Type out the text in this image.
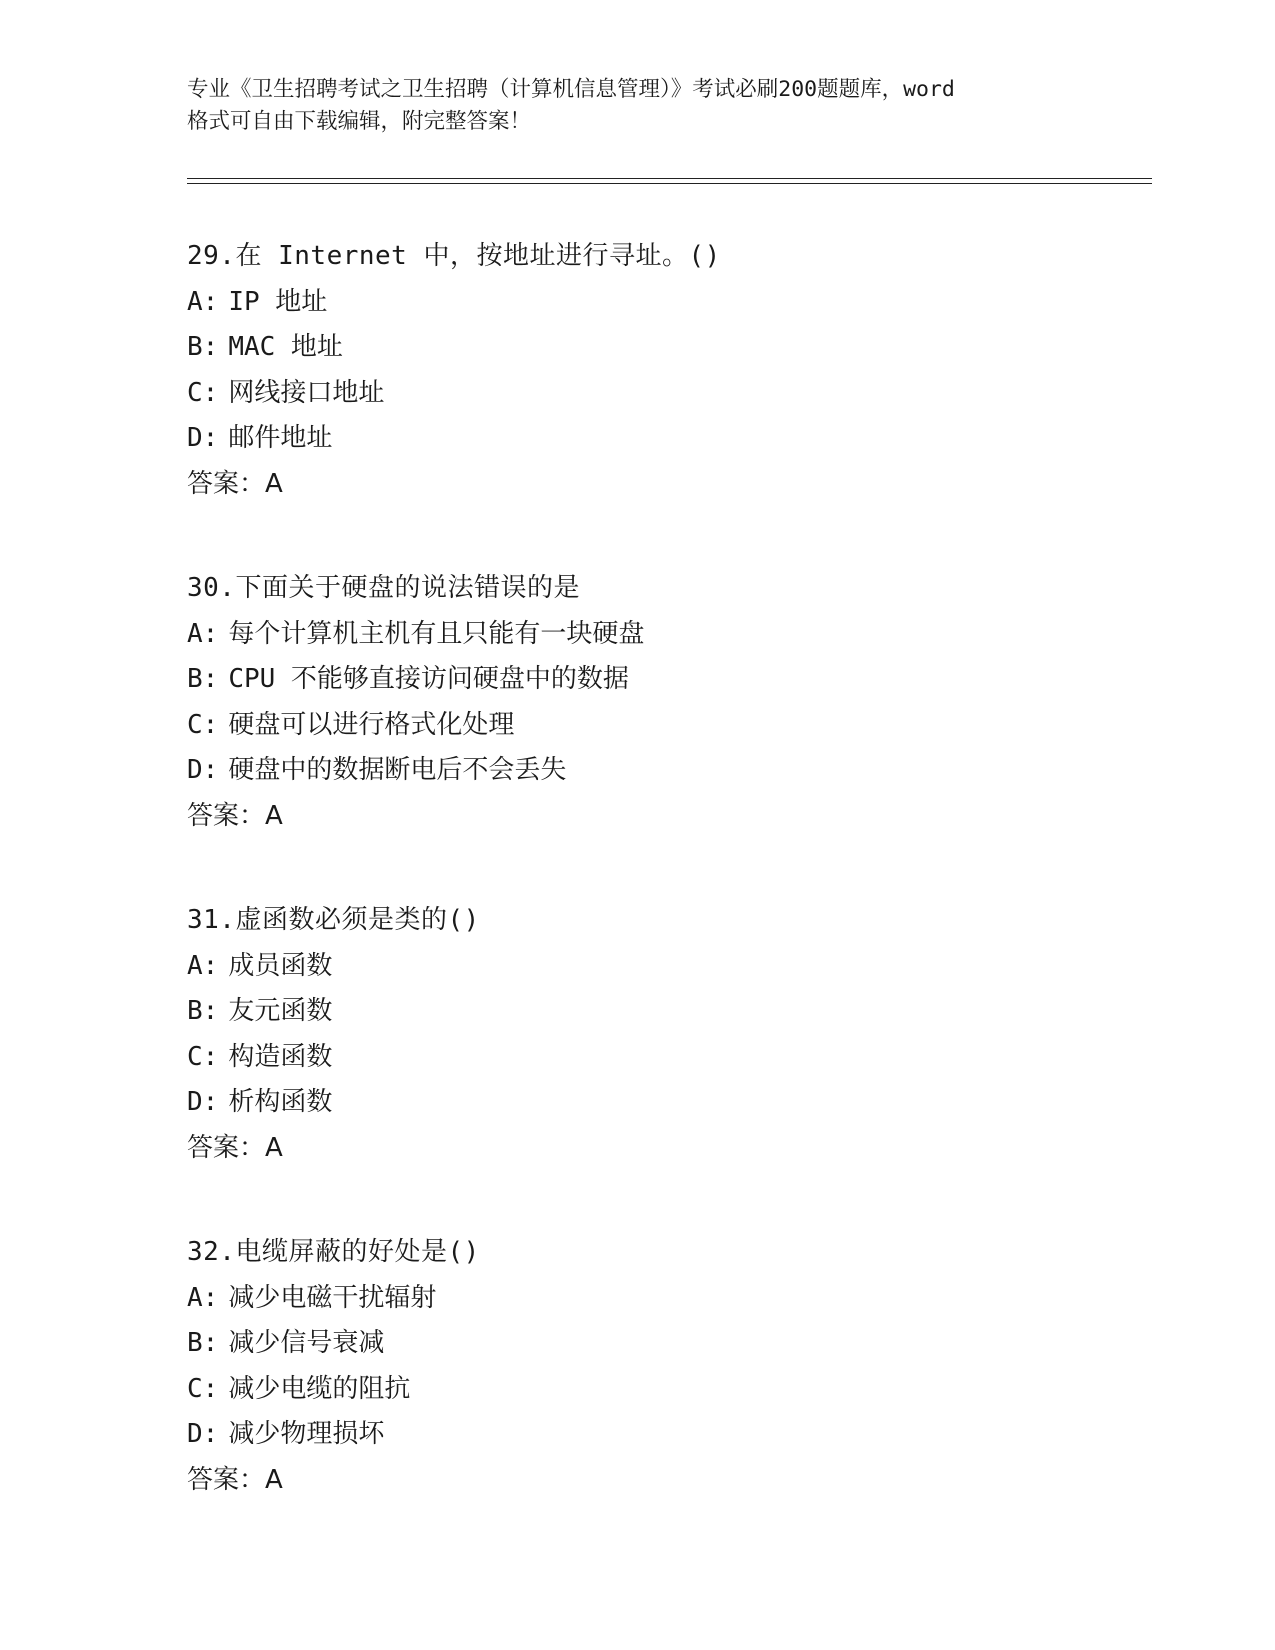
专业《卫生招聘考试之卫生招聘（计算机信息管理）》考试必刷200题题库，word
格式可自由下载编辑，附完整答案！
29.在 Internet 中，按地址进行寻址。()
A: IP 地址
B: MAC 地址
C: 网线接口地址
D: 邮件地址
答案：A
30.下面关于硬盘的说法错误的是
A: 每个计算机主机有且只能有一块硬盘
B: CPU 不能够直接访问硬盘中的数据
C: 硬盘可以进行格式化处理
D: 硬盘中的数据断电后不会丢失
答案：A
31.虚函数必须是类的()
A: 成员函数
B: 友元函数
C: 构造函数
D: 析构函数
答案：A
32.电缆屏蔽的好处是()
A: 减少电磁干扰辐射
B: 减少信号衰减
C: 减少电缆的阻抗
D: 减少物理损坏
答案：A
